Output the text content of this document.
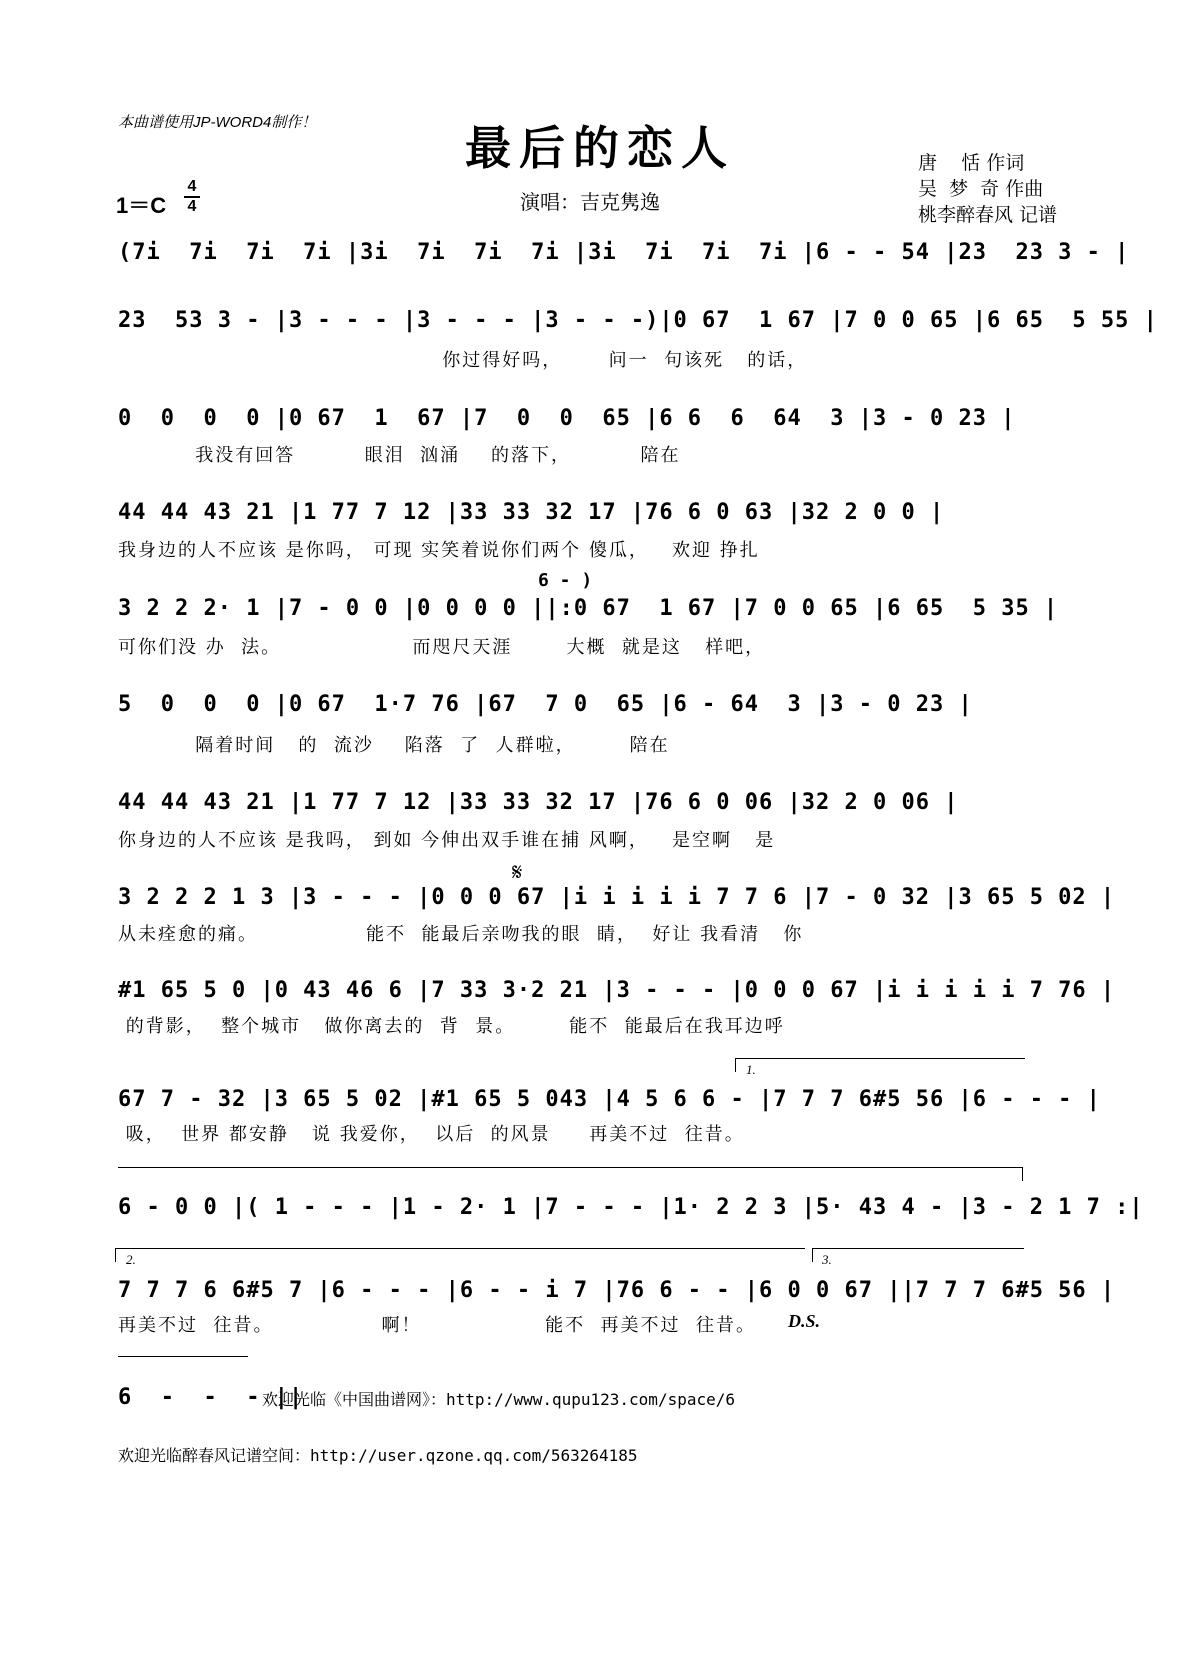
本曲谱使用JP-WORD4制作！	最后的恋人
演唱：吉克隽逸
唐    恬 作词
吴  梦  奇 作曲
桃李醉春风 记谱
1＝C
4
4
(7i  7i  7i  7i |3i  7i  7i  7i |3i  7i  7i  7i |6 - - 54 |23  23 3 - |
23  53 3 - |3 - - - |3 - - - |3 - - -)|0 67  1 67 |7 0 0 65 |6 65  5 55 |
你过得好吗，      问一  句该死   的话，
0  0  0  0 |0 67  1  67 |7  0  0  65 |6 6  6  64  3 |3 - 0 23 |
我没有回答         眼泪  汹涌    的落下，         陪在
44 44 43 21 |1 77 7 12 |33 33 32 17 |76 6 0 63 |32 2 0 0 |
我身边的人不应该 是你吗， 可现 实笑着说你们两个 傻瓜，   欢迎 挣扎
6 - )
3 2 2 2· 1 |7 - 0 0 |0 0 0 0 ||:0 67  1 67 |7 0 0 65 |6 65  5 35 |
可你们没 办  法。                 而咫尺天涯       大概  就是这   样吧，
5  0  0  0 |0 67  1·7 76 |67  7 0  65 |6 - 64  3 |3 - 0 23 |
隔着时间   的  流沙    陷落  了  人群啦，       陪在
44 44 43 21 |1 77 7 12 |33 33 32 17 |76 6 0 06 |32 2 0 06 |
你身边的人不应该 是我吗， 到如 今伸出双手谁在捕 风啊，   是空啊   是
𝄋
3 2 2 2 1 3 |3 - - - |0 0 0 67 |i i i i i 7 7 6 |7 - 0 32 |3 65 5 02 |
从未痊愈的痛。              能不  能最后亲吻我的眼  睛，  好让 我看清   你
#1 65 5 0 |0 43 46 6 |7 33 3·2 21 |3 - - - |0 0 0 67 |i i i i i 7 76 |
的背影，  整个城市   做你离去的  背  景。       能不  能最后在我耳边呼
1.
67 7 - 32 |3 65 5 02 |#1 65 5 043 |4 5 6 6 - |7 7 7 6#5 56 |6 - - - |
吸，  世界 都安静   说 我爱你，  以后  的风景     再美不过  往昔。
6 - 0 0 |( 1 - - - |1 - 2· 1 |7 - - - |1· 2 2 3 |5· 43 4 - |3 - 2 1 7 :|
2.	3.
7 7 7 6 6#5 7 |6 - - - |6 - - i 7 |76 6 - - |6 0 0 67 ||7 7 7 6#5 56 |
再美不过  往昔。              啊！                能不  再美不过  往昔。	D.S.
6  -  -  - ||
欢迎光临《中国曲谱网》：http://www.qupu123.com/space/6
欢迎光临醉春风记谱空间：http://user.qzone.qq.com/563264185
